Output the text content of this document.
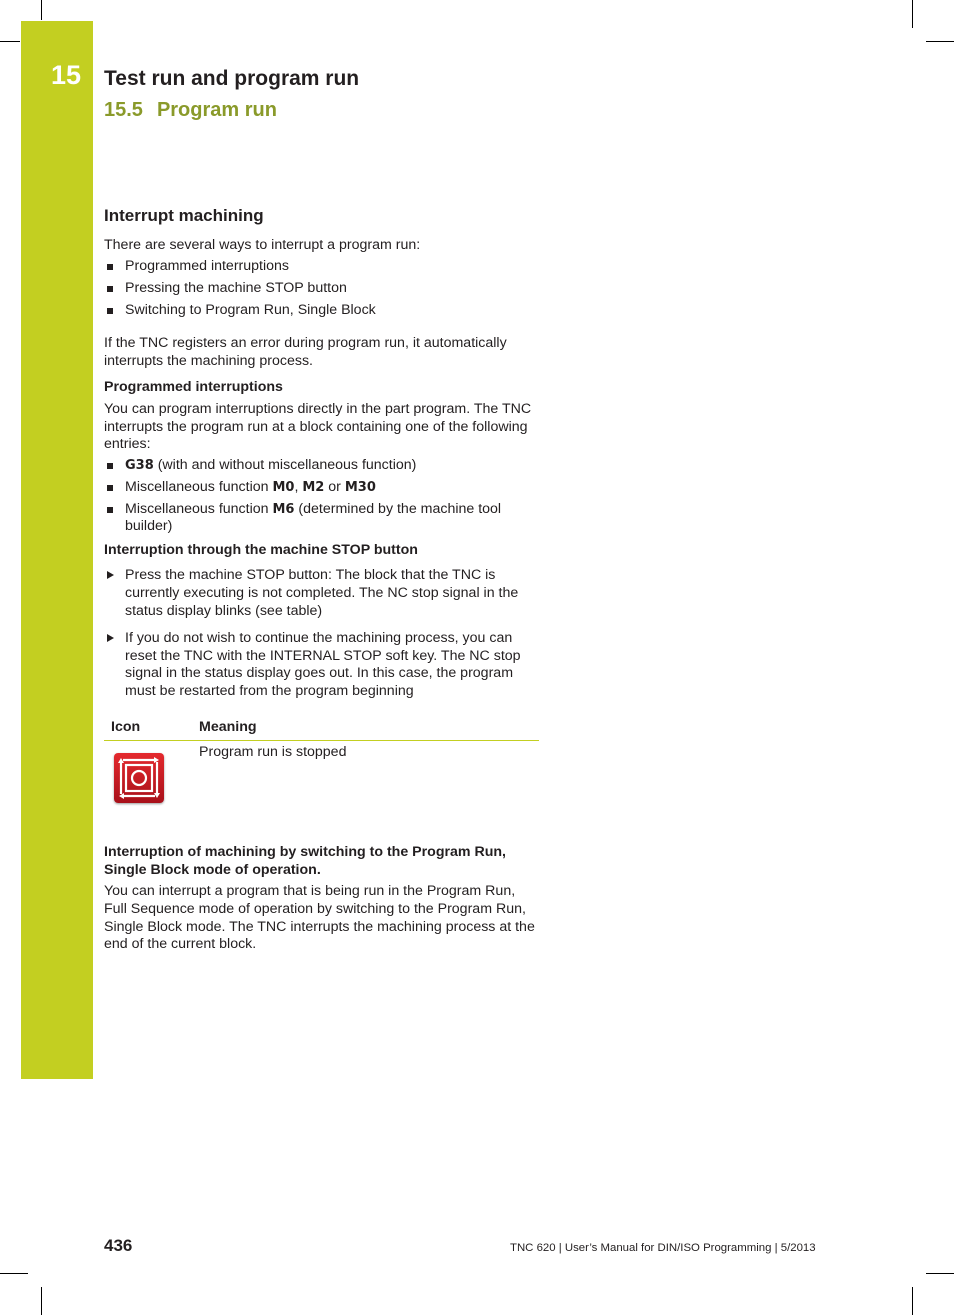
15 Test run and program run
15.5 Program run
Interrupt machining

There are several ways to interrupt a program run:

Programmed interruptions
Pressing the machine STOP button
Switching to Program Run, Single Block

If the TNC registers an error during program run, it automatically interrupts the machining process.

Programmed interruptions

You can program interruptions directly in the part program. The TNC interrupts the program run at a block containing one of the following entries:

G38 (with and without miscellaneous function)
Miscellaneous function M0, M2 or M30
Miscellaneous function M6 (determined by the machine tool builder)
Interruption through the machine STOP button
Press the machine STOP button: The block that the TNC is currently executing is not completed. The NC stop signal in the status display blinks (see table)
If you do not wish to continue the machining process, you can reset the TNC with the INTERNAL STOP soft key. The NC stop signal in the status display goes out. In this case, the program must be restarted from the program beginning
Icon	Meaning

	Program run is stopped
Interruption of machining by switching to the Program Run, Single Block mode of operation.

You can interrupt a program that is being run in the Program Run, Full Sequence mode of operation by switching to the Program Run, Single Block mode. The TNC interrupts the machining process at the end of the current block.

436	TNC 620 | User’s Manual for DIN/ISO Programming | 5/2013
